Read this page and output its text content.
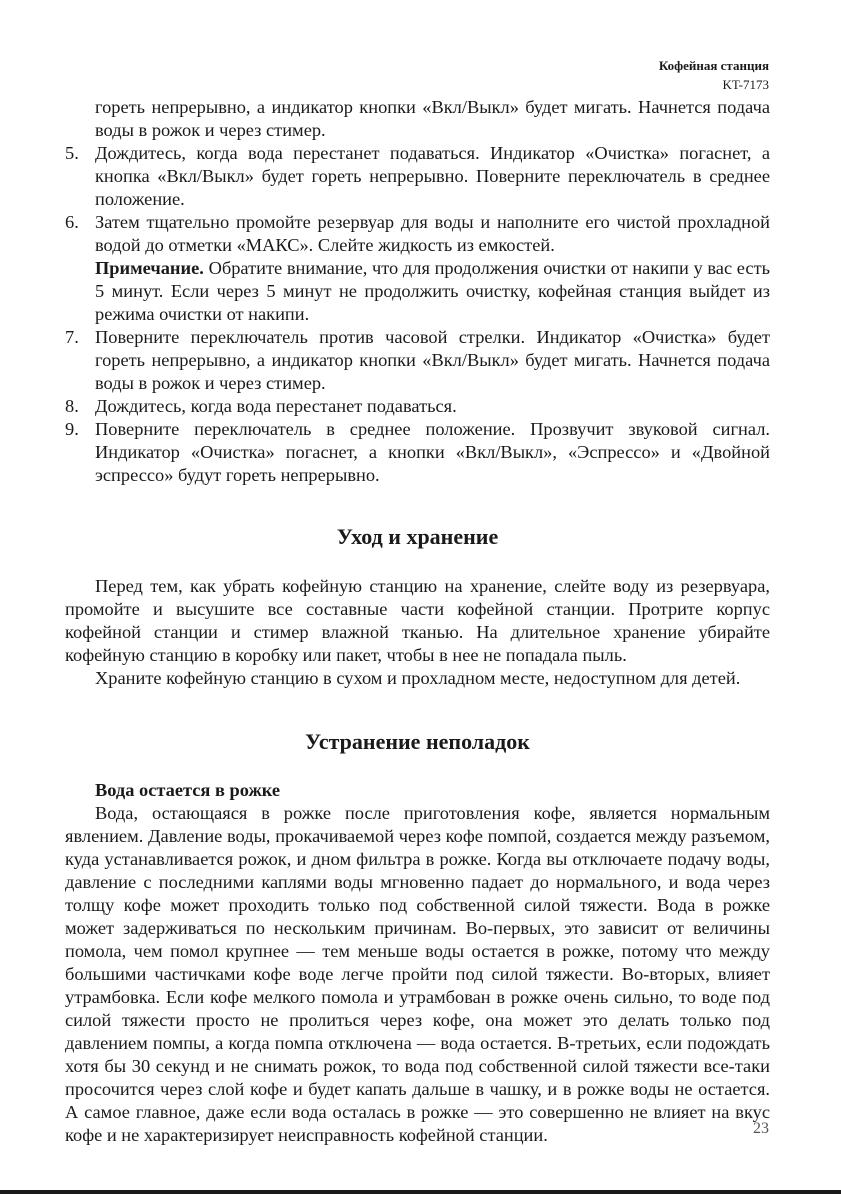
Кофейная станция
KT-7173
гореть непрерывно, а индикатор кнопки «Вкл/Выкл» будет мигать. Начнется подача воды в рожок и через стимер.
5. Дождитесь, когда вода перестанет подаваться. Индикатор «Очистка» погаснет, а кнопка «Вкл/Выкл» будет гореть непрерывно. Поверните переключатель в среднее положение.
6. Затем тщательно промойте резервуар для воды и наполните его чистой прохладной водой до отметки «МАКС». Слейте жидкость из емкостей.
Примечание. Обратите внимание, что для продолжения очистки от накипи у вас есть 5 минут. Если через 5 минут не продолжить очистку, кофейная станция выйдет из режима очистки от накипи.
7. Поверните переключатель против часовой стрелки. Индикатор «Очистка» будет гореть непрерывно, а индикатор кнопки «Вкл/Выкл» будет мигать. Начнется подача воды в рожок и через стимер.
8. Дождитесь, когда вода перестанет подаваться.
9. Поверните переключатель в среднее положение. Прозвучит звуковой сигнал. Индикатор «Очистка» погаснет, а кнопки «Вкл/Выкл», «Эспрессо» и «Двойной эспрессо» будут гореть непрерывно.
Уход и хранение

Перед тем, как убрать кофейную станцию на хранение, слейте воду из резервуара, промойте и высушите все составные части кофейной станции. Протрите корпус кофейной станции и стимер влажной тканью. На длительное хранение убирайте кофейную станцию в коробку или пакет, чтобы в нее не попадала пыль.

Храните кофейную станцию в сухом и прохладном месте, недоступном для детей.

Устранение неполадок

Вода остается в рожке

Вода, остающаяся в рожке после приготовления кофе, является нормальным явлением. Давление воды, прокачиваемой через кофе помпой, создается между разъемом, куда устанавливается рожок, и дном фильтра в рожке. Когда вы отключаете подачу воды, давление с последними каплями воды мгновенно падает до нормального, и вода через толщу кофе может проходить только под собственной силой тяжести. Вода в рожке может задерживаться по нескольким причинам. Во-первых, это зависит от величины помола, чем помол крупнее — тем меньше воды остается в рожке, потому что между большими частичками кофе воде легче пройти под силой тяжести. Во-вторых, влияет утрамбовка. Если кофе мелкого помола и утрамбован в рожке очень сильно, то воде под силой тяжести просто не пролиться через кофе, она может это делать только под давлением помпы, а когда помпа отключена — вода остается. В-третьих, если подождать хотя бы 30 секунд и не снимать рожок, то вода под собственной силой тяжести все-таки просочится через слой кофе и будет капать дальше в чашку, и в рожке воды не остается. А самое главное, даже если вода осталась в рожке — это совершенно не влияет на вкус кофе и не характеризирует неисправность кофейной станции.	23
